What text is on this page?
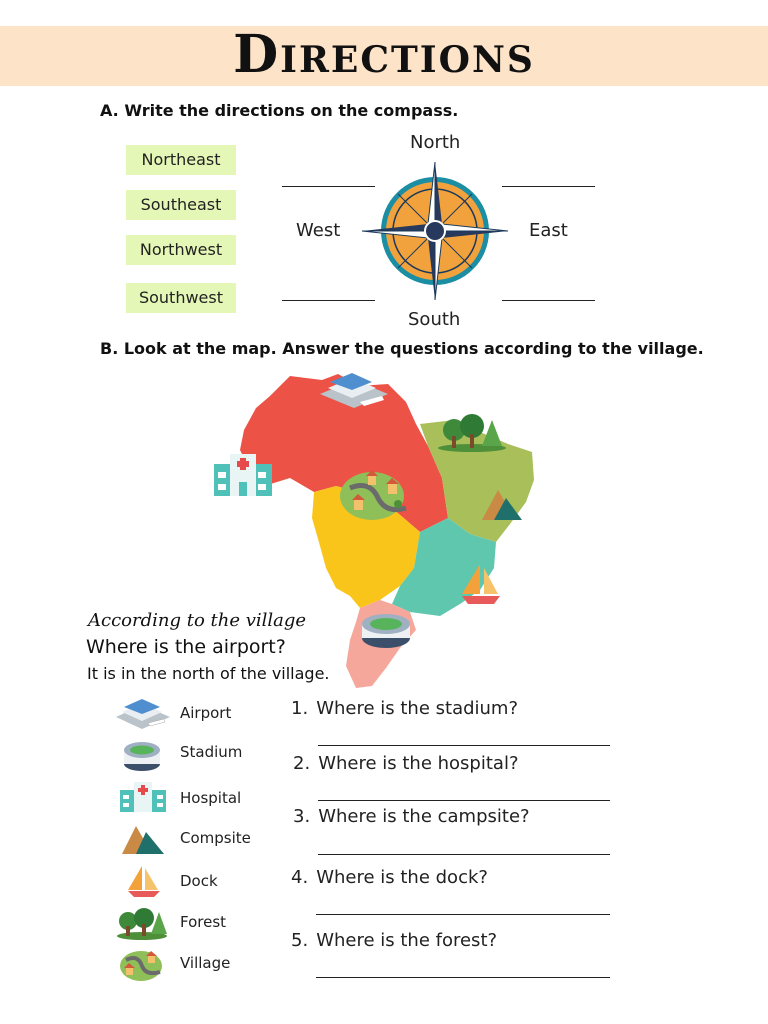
Directions
A. Write the directions on the compass.
Northeast
Southeast
Northwest
Southwest
North
South
West	East
B. Look at the map. Answer the questions according to the village.
According to the village
Where is the airport?
It is in the north of the village.
Airport
Stadium
Hospital
Compsite
Dock
Forest
Village
1. Where is the stadium?
2. Where is the hospital?
3. Where is the campsite?
4. Where is the dock?
5. Where is the forest?
